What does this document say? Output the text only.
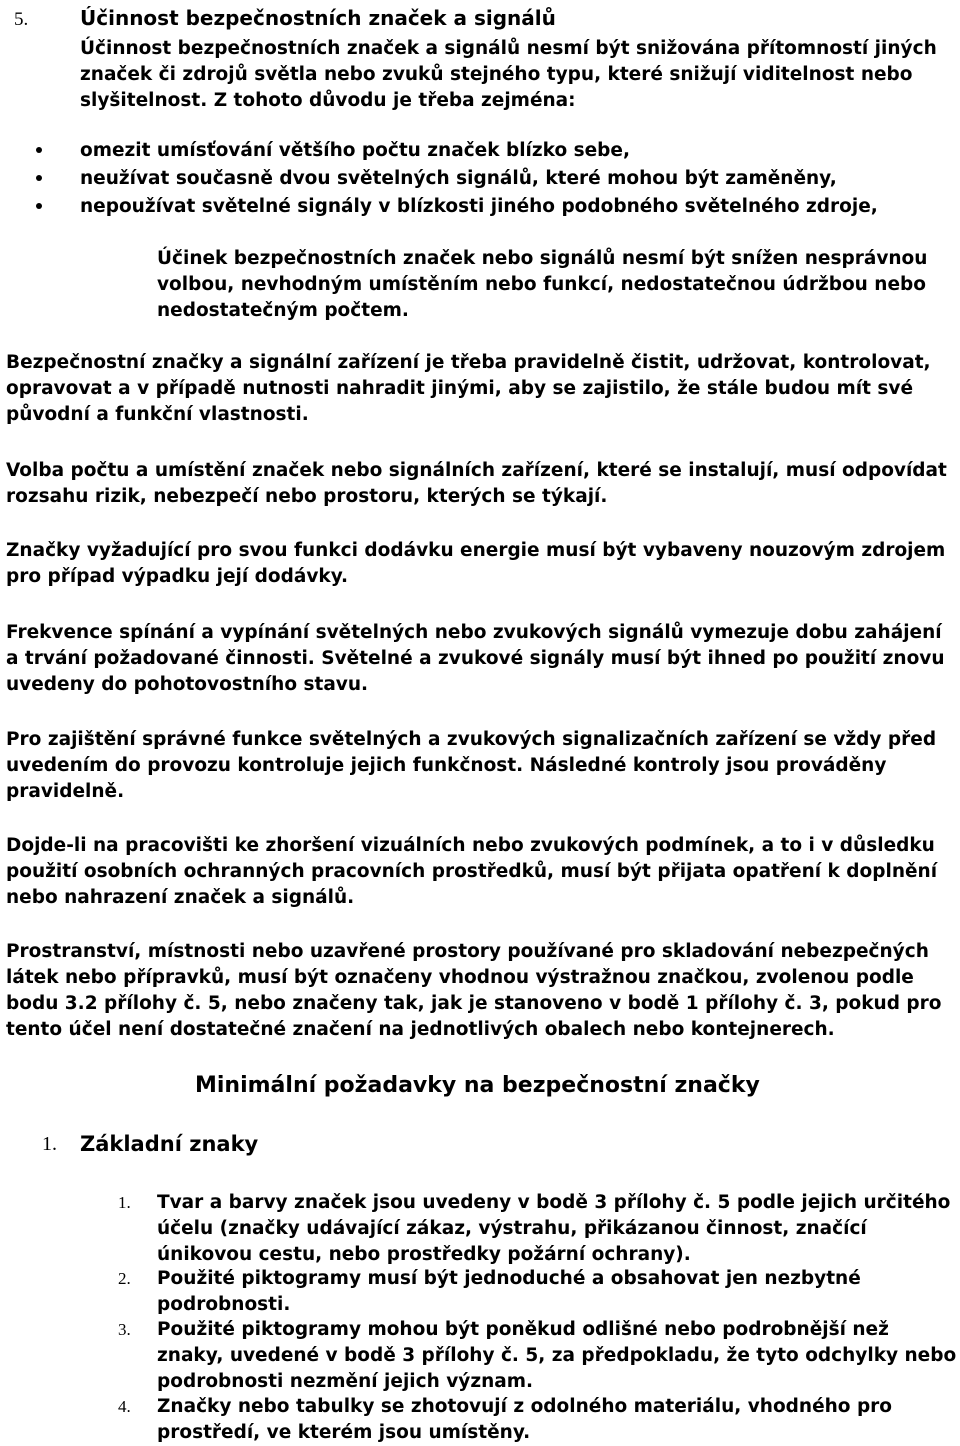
5.	Účinnost bezpečnostních značek a signálů
Účinnost bezpečnostních značek a signálů nesmí být snižována přítomností jiných
značek či zdrojů světla nebo zvuků stejného typu, které snižují viditelnost nebo
slyšitelnost. Z tohoto důvodu je třeba zejména:
omezit umísťování většího počtu značek blízko sebe,
neužívat současně dvou světelných signálů, které mohou být zaměněny,
nepoužívat světelné signály v blízkosti jiného podobného světelného zdroje,
Účinek bezpečnostních značek nebo signálů nesmí být snížen nesprávnou volbou, nevhodným umístěním nebo funkcí, nedostatečnou údržbou nebo nedostatečným počtem.
Bezpečnostní značky a signální zařízení je třeba pravidelně čistit, udržovat, kontrolovat, opravovat a v případě nutnosti nahradit jinými, aby se zajistilo, že stále budou mít své původní a funkční vlastnosti.
Volba počtu a umístění značek nebo signálních zařízení, které se instalují, musí odpovídat rozsahu rizik, nebezpečí nebo prostoru, kterých se týkají.
Značky vyžadující pro svou funkci dodávku energie musí být vybaveny nouzovým zdrojem pro případ výpadku její dodávky.
Frekvence spínání a vypínání světelných nebo zvukových signálů vymezuje dobu zahájení a trvání požadované činnosti. Světelné a zvukové signály musí být ihned po použití znovu uvedeny do pohotovostního stavu.
Pro zajištění správné funkce světelných a zvukových signalizačních zařízení se vždy před uvedením do provozu kontroluje jejich funkčnost. Následné kontroly jsou prováděny pravidelně.
Dojde-li na pracovišti ke zhoršení vizuálních nebo zvukových podmínek, a to i v důsledku použití osobních ochranných pracovních prostředků, musí být přijata opatření k doplnění nebo nahrazení značek a signálů.
Prostranství, místnosti nebo uzavřené prostory používané pro skladování nebezpečných látek nebo přípravků, musí být označeny vhodnou výstražnou značkou, zvolenou podle bodu 3.2 přílohy č. 5, nebo značeny tak, jak je stanoveno v bodě 1 přílohy č. 3, pokud pro tento účel není dostatečné značení na jednotlivých obalech nebo kontejnerech.
Minimální požadavky na bezpečnostní značky
1. Základní znaky
1. Tvar a barvy značek jsou uvedeny v bodě 3 přílohy č. 5 podle jejich určitého účelu (značky udávající zákaz, výstrahu, přikázanou činnost, značící únikovou cestu, nebo prostředky požární ochrany).
2. Použité piktogramy musí být jednoduché a obsahovat jen nezbytné podrobnosti.
3. Použité piktogramy mohou být poněkud odlišné nebo podrobnější než znaky, uvedené v bodě 3 přílohy č. 5, za předpokladu, že tyto odchylky nebo podrobnosti nezmění jejich význam.
4. Značky nebo tabulky se zhotovují z odolného materiálu, vhodného pro prostředí, ve kterém jsou umístěny.
